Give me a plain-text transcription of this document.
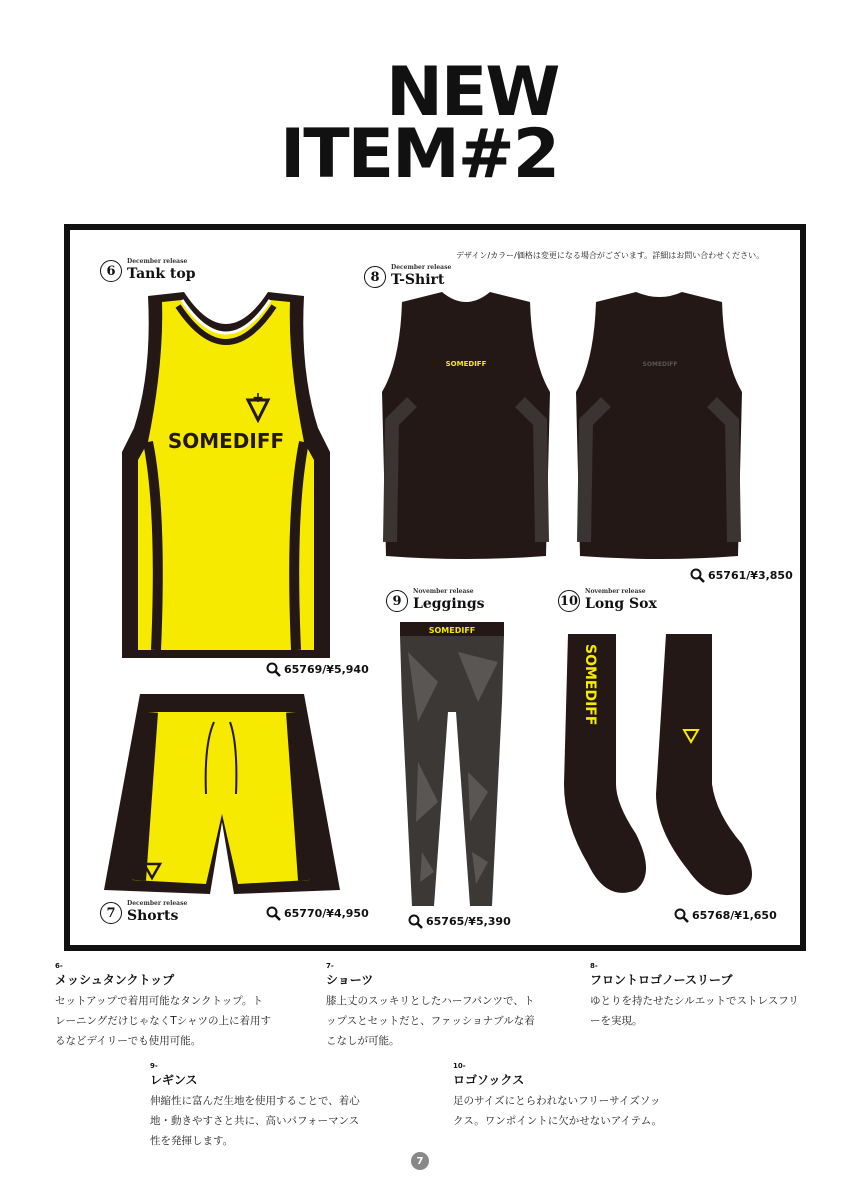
NEW
ITEM#2
デザイン/カラー/価格は変更になる場合がございます。詳細はお問い合わせください。
+
SOMEDIFF
SOMEDIFF	SOMEDIFF
SOMEDIFF
SOMEDIFF
6
December release
Tank top
7
December release
Shorts
8
December release
T-Shirt
9
November release
Leggings	10
November release
Long Sox
65769/¥5,940
65770/¥4,950
65761/¥3,850
65765/¥5,390	65768/¥1,650
6-
メッシュタンクトップ
セットアップで着用可能なタンクトップ。ト
レーニングだけじゃなくTシャツの上に着用す
るなどデイリーでも使用可能。
7-
ショーツ
膝上丈のスッキリとしたハーフパンツで、ト
ップスとセットだと、ファッショナブルな着
こなしが可能。
8-
フロントロゴノースリーブ
ゆとりを持たせたシルエットでストレスフリ
ーを実現。
9-
レギンス
伸縮性に富んだ生地を使用することで、着心
地・動きやすさと共に、高いパフォーマンス
性を発揮します。
10-
ロゴソックス
足のサイズにとらわれないフリーサイズソッ
クス。ワンポイントに欠かせないアイテム。
7
